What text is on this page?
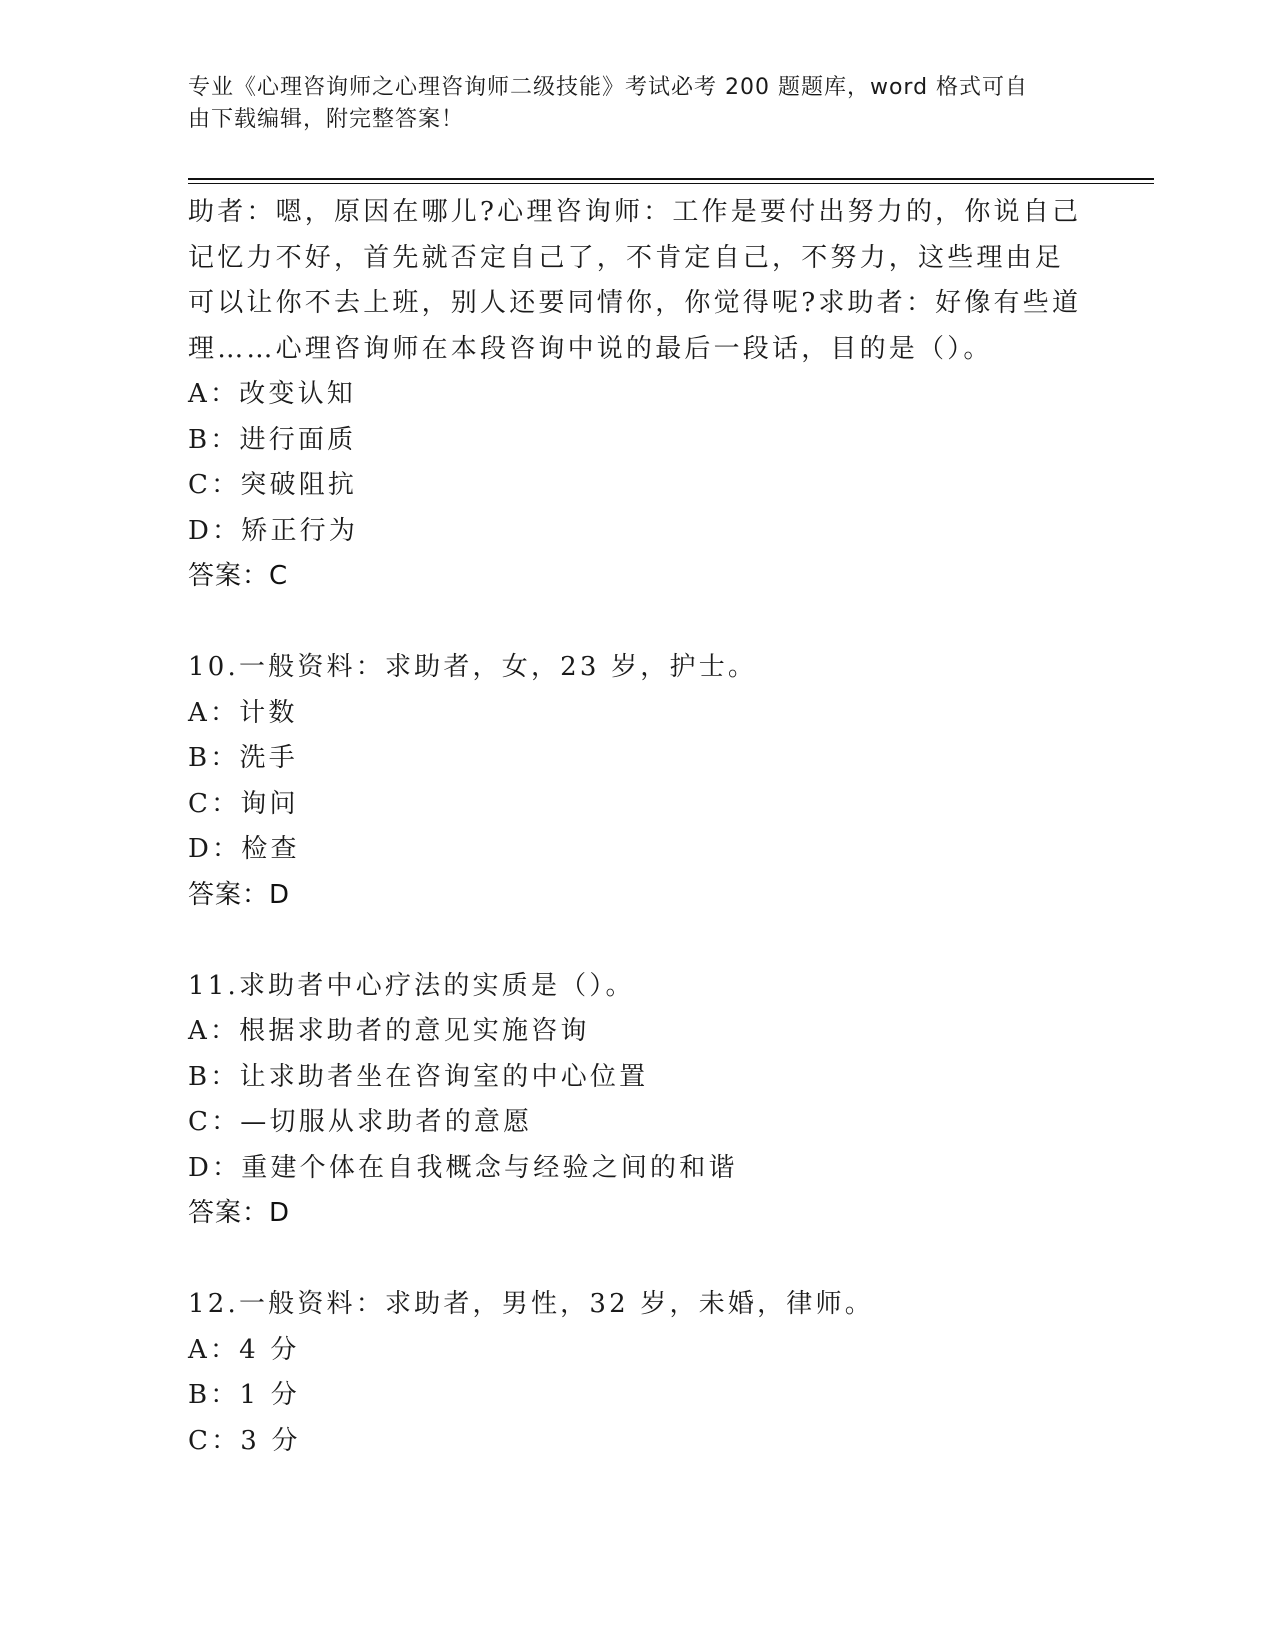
专业《心理咨询师之心理咨询师二级技能》考试必考 200 题题库，word 格式可自
由下载编辑，附完整答案！
助者：嗯，原因在哪儿?心理咨询师：工作是要付出努力的，你说自己
记忆力不好，首先就否定自己了，不肯定自己，不努力，这些理由足
可以让你不去上班，别人还要同情你，你觉得呢?求助者：好像有些道
理……心理咨询师在本段咨询中说的最后一段话，目的是（）。
A：改变认知
B：进行面质
C：突破阻抗
D：矫正行为
答案：C
10.一般资料：求助者，女，23 岁，护士。
A：计数
B：洗手
C：询问
D：检查
答案：D
11.求助者中心疗法的实质是（）。
A：根据求助者的意见实施咨询
B：让求助者坐在咨询室的中心位置
C：—切服从求助者的意愿
D：重建个体在自我概念与经验之间的和谐
答案：D
12.一般资料：求助者，男性，32 岁，未婚，律师。
A：4 分
B：1 分
C：3 分
